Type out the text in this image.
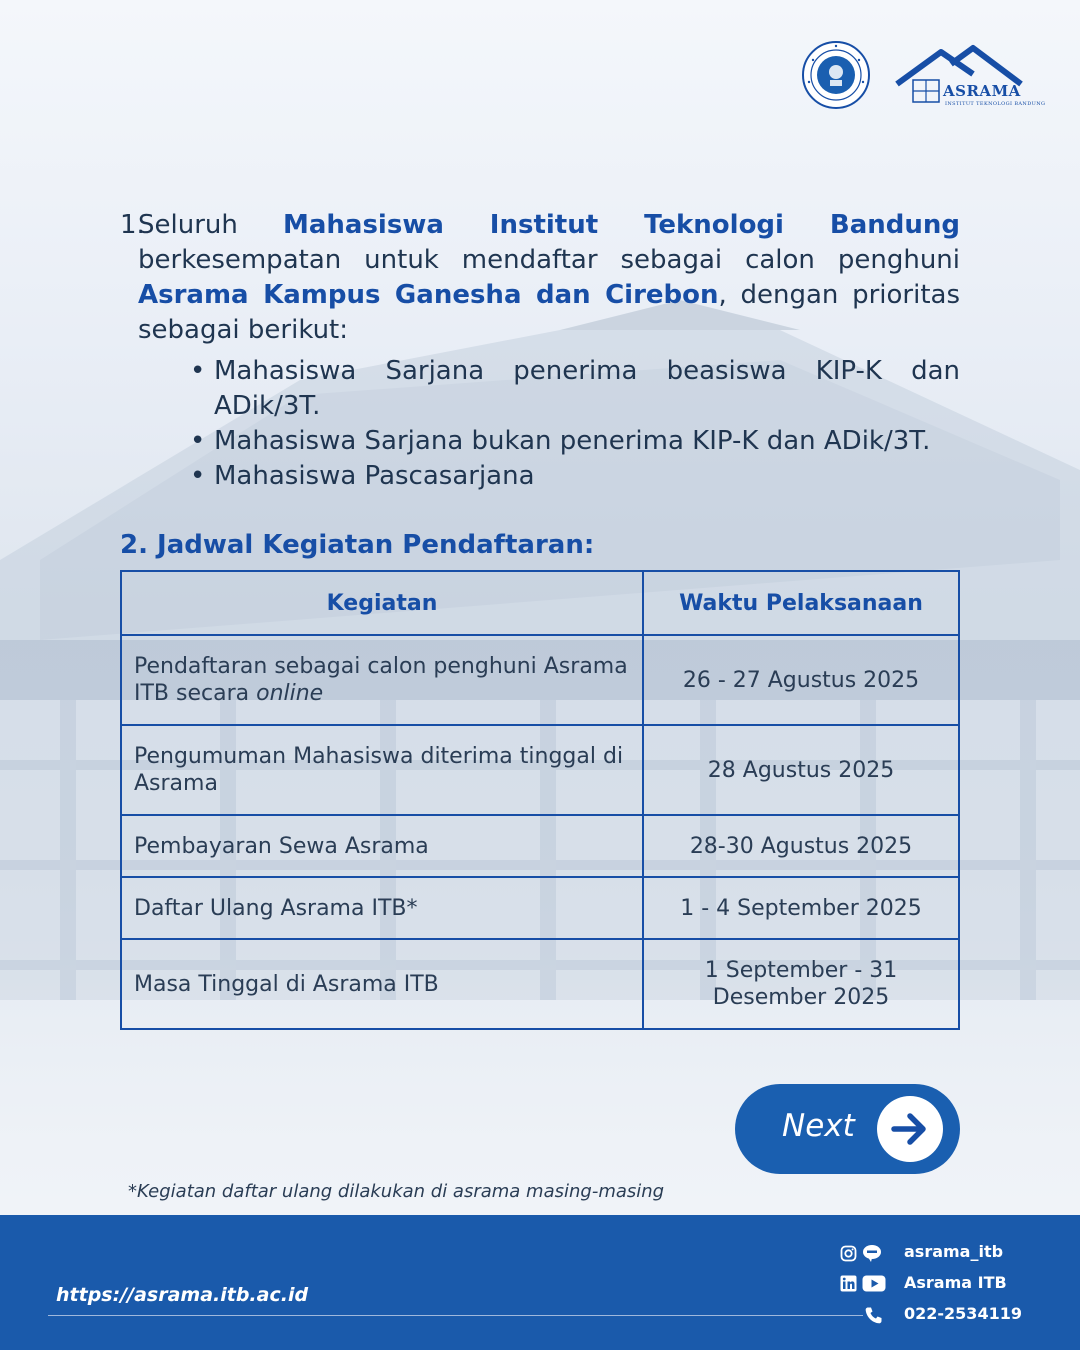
ASRAMA
INSTITUT TEKNOLOGI BANDUNG

1.
Seluruh Mahasiswa Institut Teknologi Bandung berkesempatan untuk mendaftar sebagai calon penghuni Asrama Kampus Ganesha dan Cirebon, dengan prioritas sebagai berikut:

• Mahasiswa Sarjana penerima beasiswa KIP-K dan ADik/3T.
• Mahasiswa Sarjana bukan penerima KIP-K dan ADik/3T.
• Mahasiswa Pascasarjana
2. Jadwal Kegiatan Pendaftaran:
Kegiatan	Waktu Pelaksanaan
Pendaftaran sebagai calon penghuni Asrama ITB secara online	26 - 27 Agustus 2025
Pengumuman Mahasiswa diterima tinggal di Asrama	28 Agustus 2025
Pembayaran Sewa Asrama	28-30 Agustus 2025
Daftar Ulang Asrama ITB*	1 - 4 September 2025
Masa Tinggal di Asrama ITB	1 September - 31 Desember 2025
Next
*Kegiatan daftar ulang dilakukan di asrama masing-masing
https://asrama.itb.ac.id
asrama_itb
Asrama ITB
022-2534119
